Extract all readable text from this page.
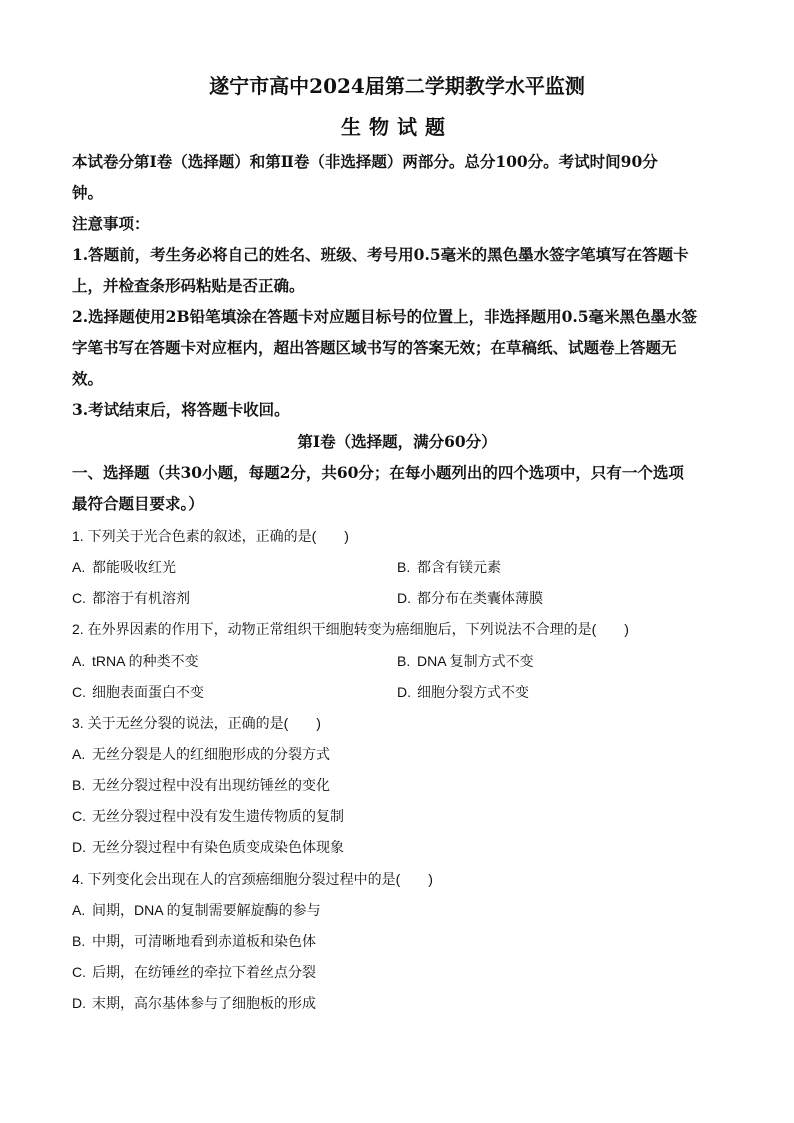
遂宁市高中2024届第二学期教学水平监测
生物试题
本试卷分第Ⅰ卷（选择题）和第Ⅱ卷（非选择题）两部分。总分100分。考试时间90分
钟。
注意事项：
1.答题前，考生务必将自己的姓名、班级、考号用0.5毫米的黑色墨水签字笔填写在答题卡
上，并检查条形码粘贴是否正确。
2.选择题使用2B铅笔填涂在答题卡对应题目标号的位置上，非选择题用0.5毫米黑色墨水签
字笔书写在答题卡对应框内，超出答题区域书写的答案无效；在草稿纸、试题卷上答题无
效。
3.考试结束后，将答题卡收回。
第Ⅰ卷（选择题，满分60分）
一、选择题（共30小题，每题2分，共60分；在每小题列出的四个选项中，只有一个选项
最符合题目要求。）
1. 下列关于光合色素的叙述，正确的是(　　)
A. 都能吸收红光	B. 都含有镁元素
C. 都溶于有机溶剂	D. 都分布在类囊体薄膜
2. 在外界因素的作用下，动物正常组织干细胞转变为癌细胞后，下列说法不合理的是(　　)
A. tRNA 的种类不变	B. DNA 复制方式不变
C. 细胞表面蛋白不变	D. 细胞分裂方式不变
3. 关于无丝分裂的说法，正确的是(　　)
A. 无丝分裂是人的红细胞形成的分裂方式
B. 无丝分裂过程中没有出现纺锤丝的变化
C. 无丝分裂过程中没有发生遗传物质的复制
D. 无丝分裂过程中有染色质变成染色体现象
4. 下列变化会出现在人的宫颈癌细胞分裂过程中的是(　　)
A. 间期，DNA 的复制需要解旋酶的参与
B. 中期，可清晰地看到赤道板和染色体
C. 后期，在纺锤丝的牵拉下着丝点分裂
D. 末期，高尔基体参与了细胞板的形成
